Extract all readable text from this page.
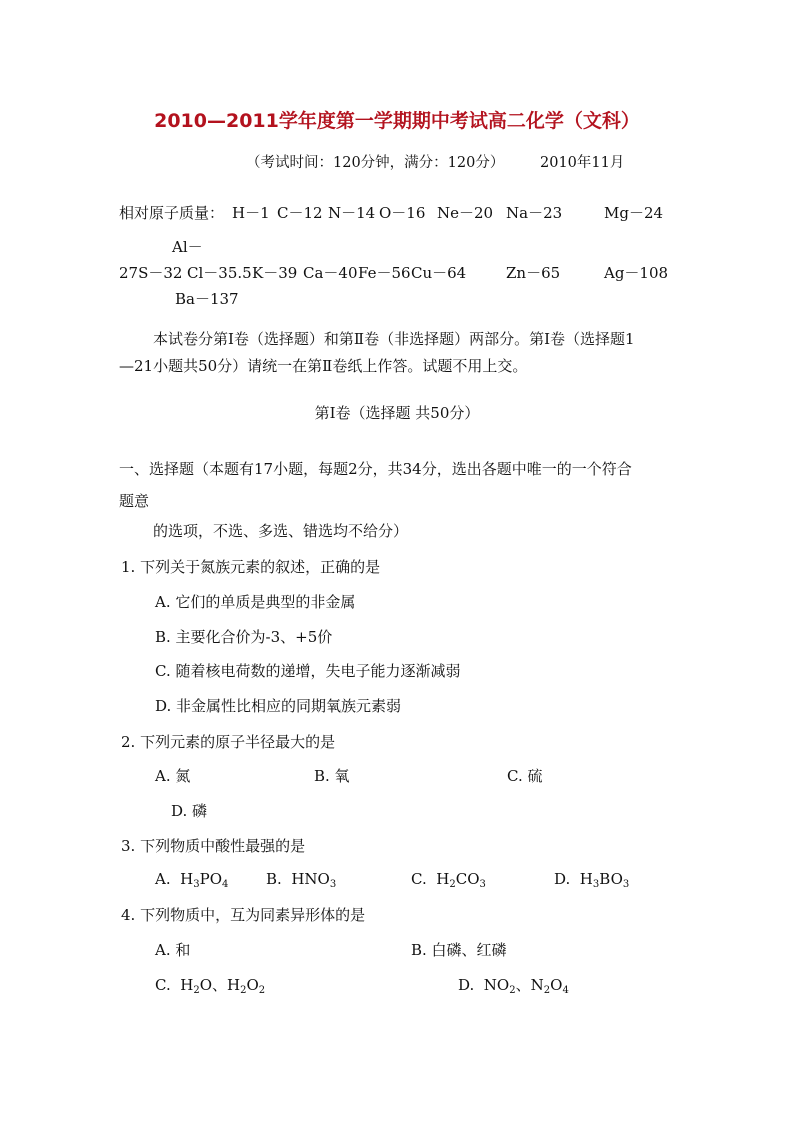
2010—2011学年度第一学期期中考试高二化学（文科）
（考试时间：120分钟，满分：120分） 2010年11月
相对原子质量： H－1 C－12 N－14 O－16 Ne－20 Na－23	Mg－24
Al－
27S－32 Cl－35.5 K－39 Ca－40 Fe－56 Cu－64	Zn－65	Ag－108
Ba－137
本试卷分第Ⅰ卷（选择题）和第Ⅱ卷（非选择题）两部分。第Ⅰ卷（选择题1
—21小题共50分）请统一在第Ⅱ卷纸上作答。试题不用上交。
第Ⅰ卷（选择题 共50分）
一、选择题（本题有17小题，每题2分，共34分，选出各题中唯一的一个符合
题意
的选项，不选、多选、错选均不给分）
1. 下列关于氮族元素的叙述，正确的是
A. 它们的单质是典型的非金属
B. 主要化合价为-3、+5价
C. 随着核电荷数的递增，失电子能力逐渐减弱
D. 非金属性比相应的同期氧族元素弱
2. 下列元素的原子半径最大的是
A. 氮	B. 氧	C. 硫
D. 磷
3. 下列物质中酸性最强的是
A.  $H_3PO_4$	B. $HNO_3$	C.  $H_2CO_3$	D.  $H_3BO_3$
4. 下列物质中，互为同素异形体的是
A. 和	B. 白磷、红磷
C.  $H_2O$、$H_2O_2$	D.  $NO_2$、$N_2O_4$
